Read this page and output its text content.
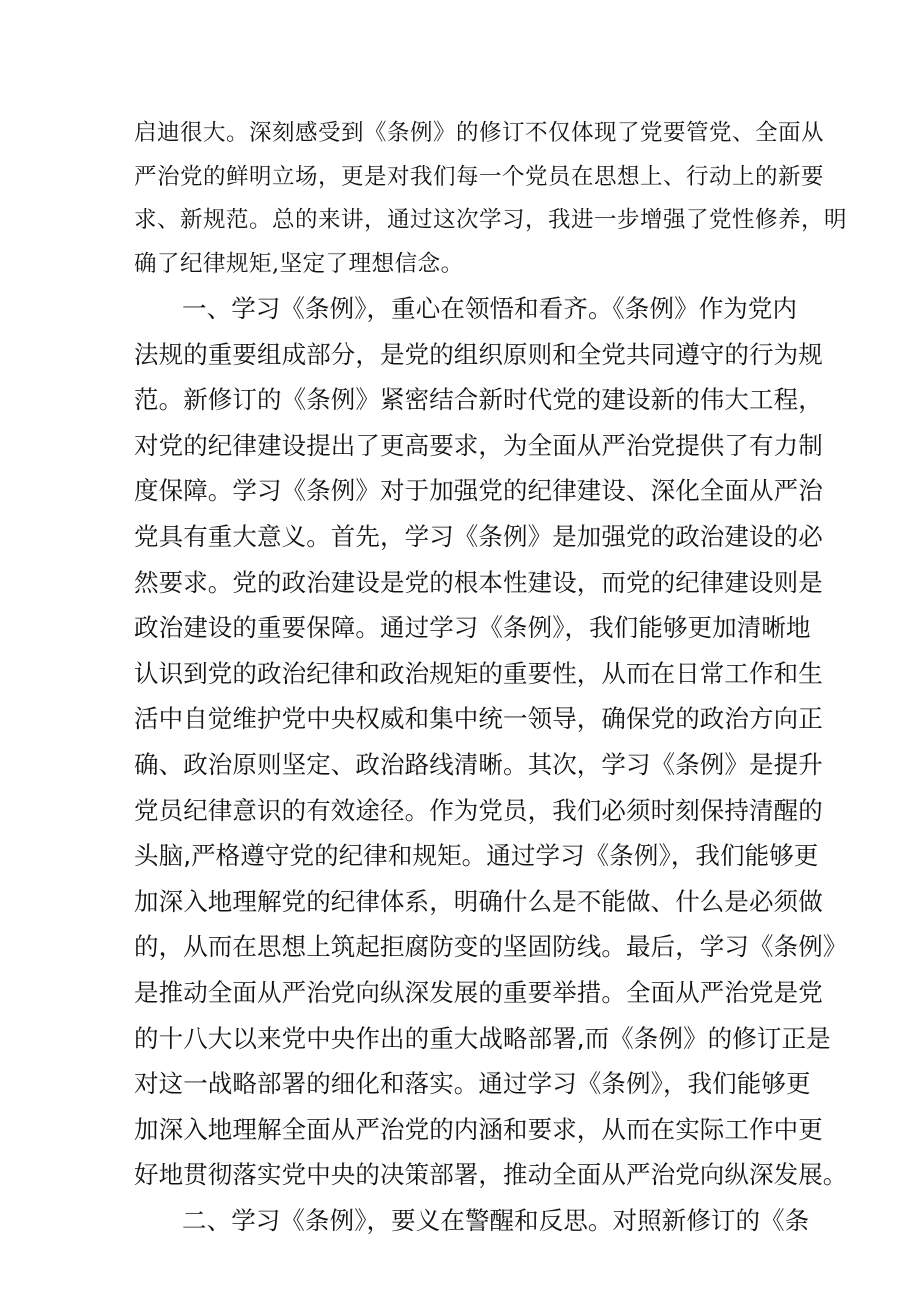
启迪很大。深刻感受到《条例》的修订不仅体现了党要管党、全面从
严治党的鲜明立场，更是对我们每一个党员在思想上、行动上的新要
求、新规范。总的来讲，通过这次学习，我进一步增强了党性修养，明
确了纪律规矩,坚定了理想信念。
一、学习《条例》，重心在领悟和看齐。《条例》作为党内
法规的重要组成部分，是党的组织原则和全党共同遵守的行为规
范。新修订的《条例》紧密结合新时代党的建设新的伟大工程，
对党的纪律建设提出了更高要求，为全面从严治党提供了有力制
度保障。学习《条例》对于加强党的纪律建设、深化全面从严治
党具有重大意义。首先，学习《条例》是加强党的政治建设的必
然要求。党的政治建设是党的根本性建设，而党的纪律建设则是
政治建设的重要保障。通过学习《条例》，我们能够更加清晰地
认识到党的政治纪律和政治规矩的重要性，从而在日常工作和生
活中自觉维护党中央权威和集中统一领导，确保党的政治方向正
确、政治原则坚定、政治路线清晰。其次，学习《条例》是提升
党员纪律意识的有效途径。作为党员，我们必须时刻保持清醒的
头脑,严格遵守党的纪律和规矩。通过学习《条例》，我们能够更
加深入地理解党的纪律体系，明确什么是不能做、什么是必须做
的，从而在思想上筑起拒腐防变的坚固防线。最后，学习《条例》
是推动全面从严治党向纵深发展的重要举措。全面从严治党是党
的十八大以来党中央作出的重大战略部署,而《条例》的修订正是
对这一战略部署的细化和落实。通过学习《条例》，我们能够更
加深入地理解全面从严治党的内涵和要求，从而在实际工作中更
好地贯彻落实党中央的决策部署，推动全面从严治党向纵深发展。
二、学习《条例》，要义在警醒和反思。对照新修订的《条
